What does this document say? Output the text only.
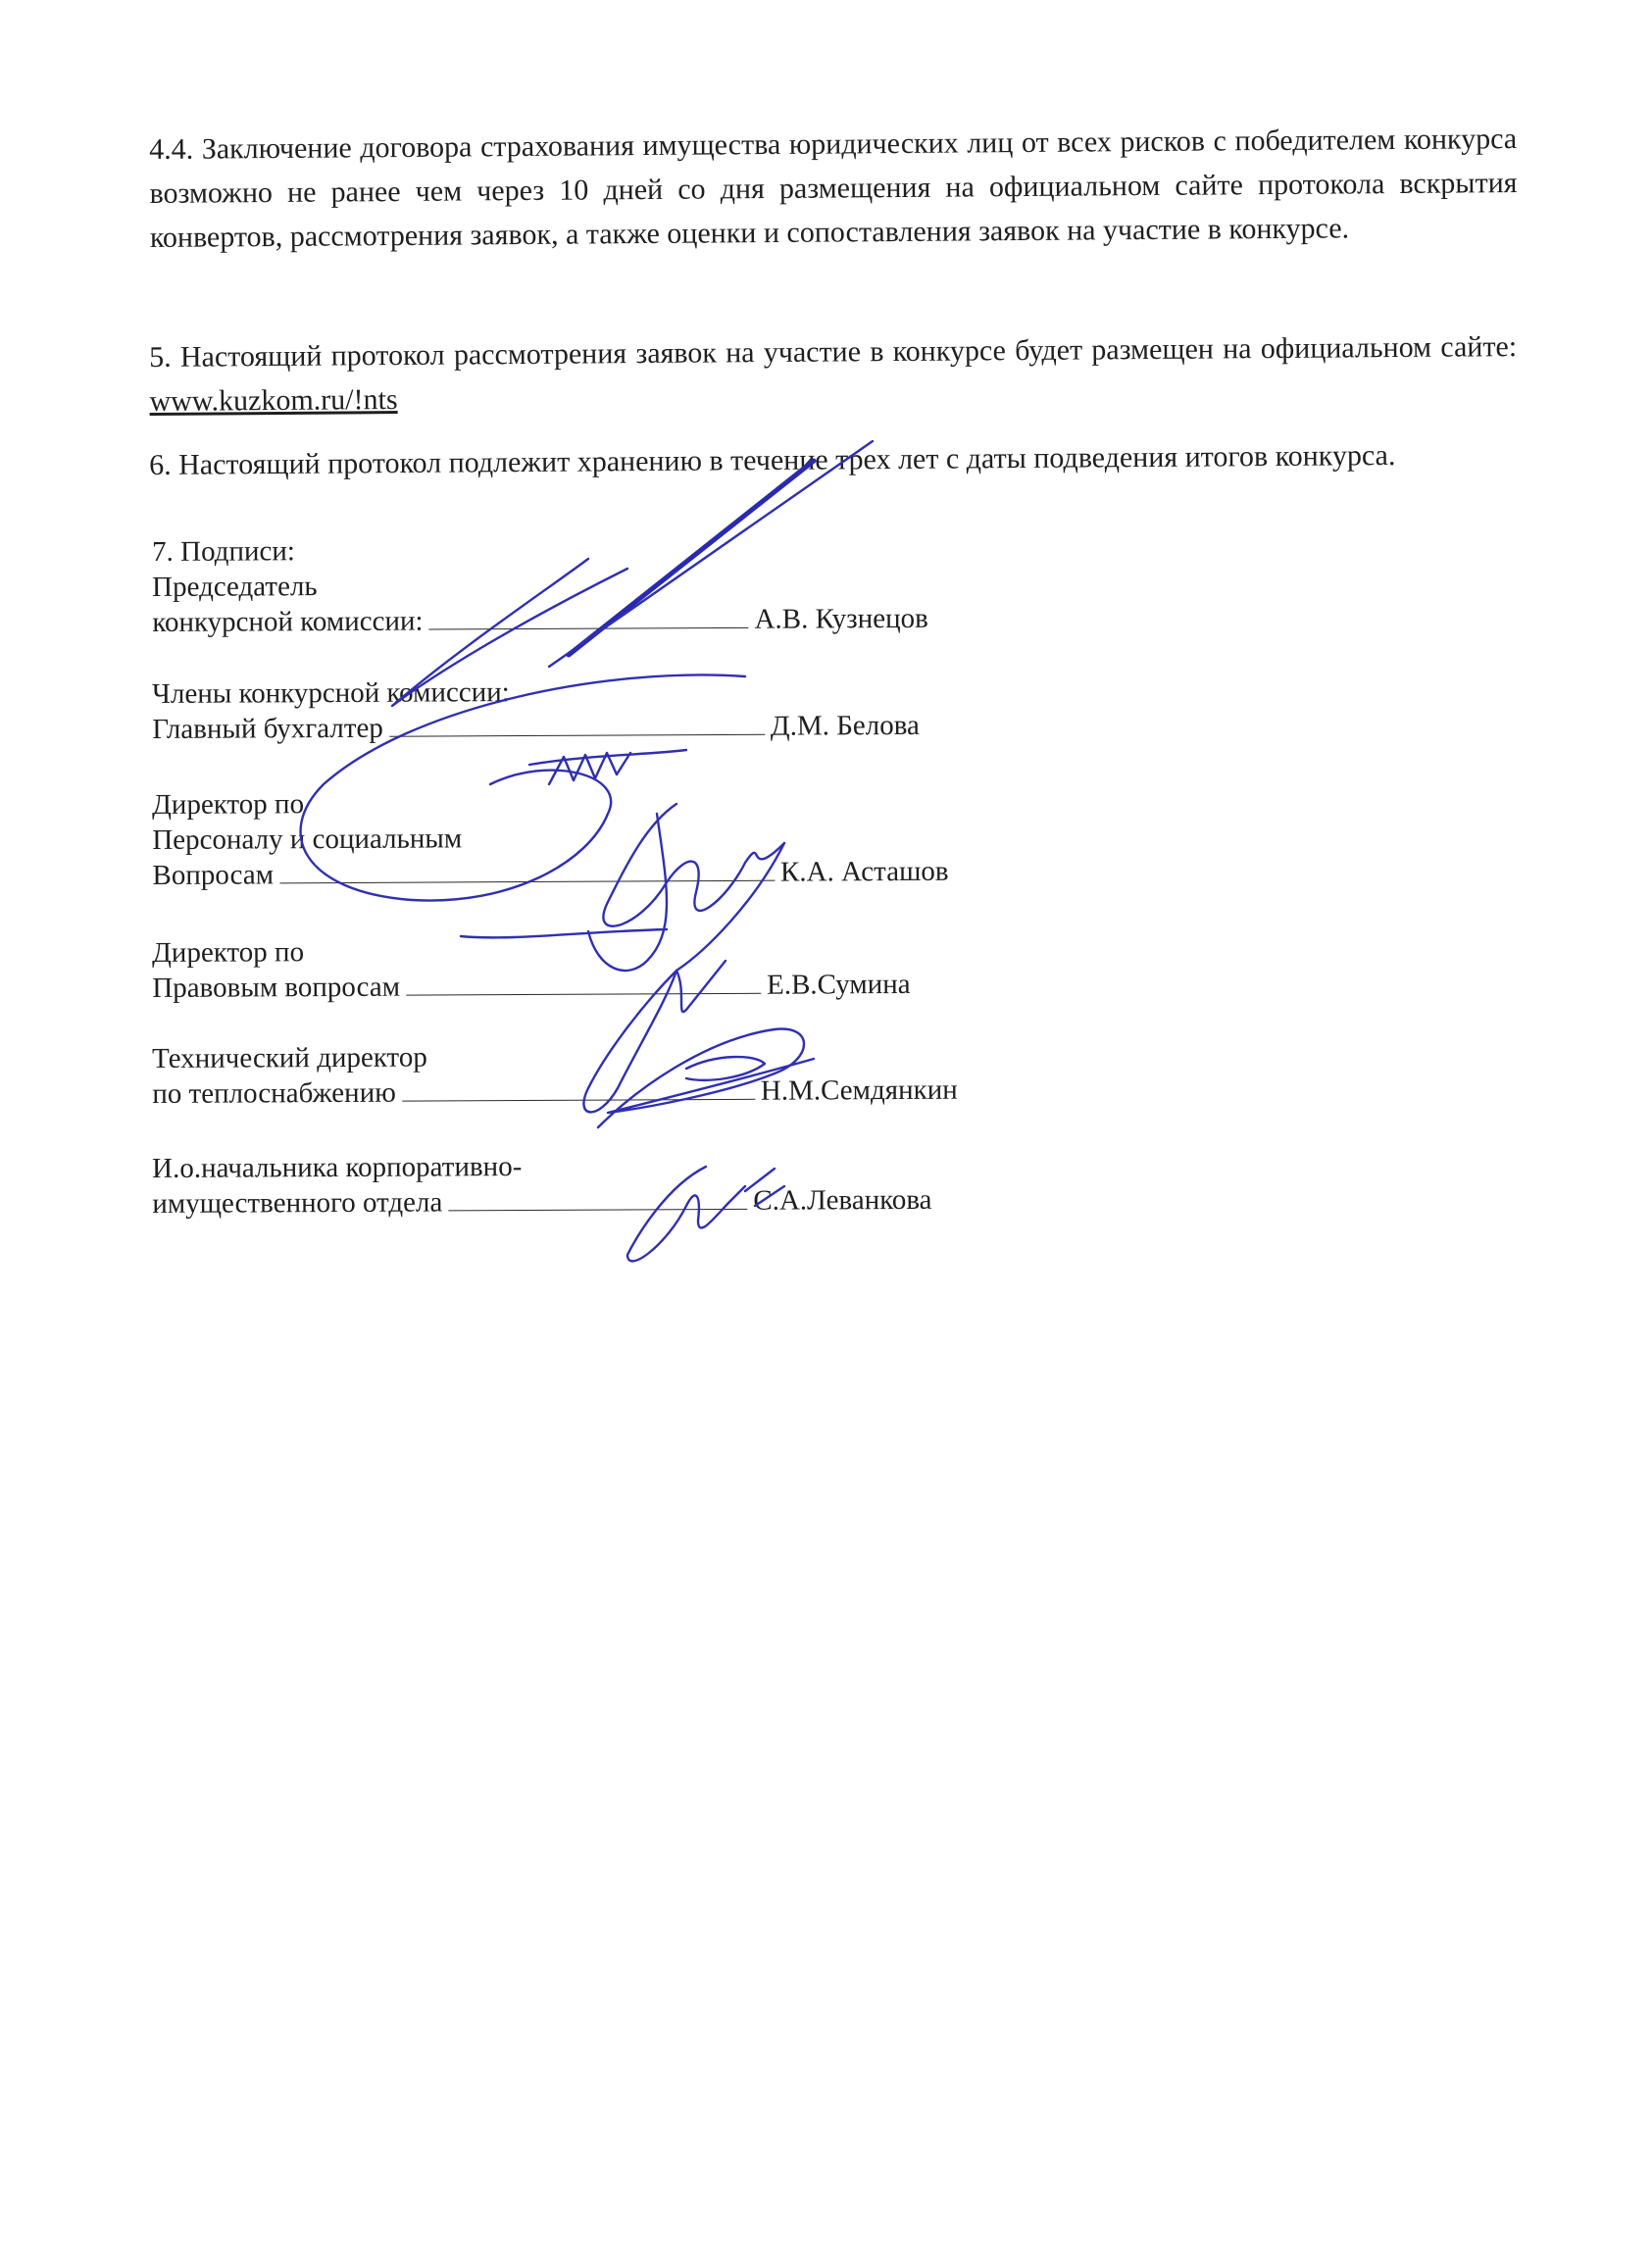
4.4. Заключение договора страхования имущества юридических лиц от всех рисков с победителем конкурса возможно не ранее чем через 10 дней со дня размещения на официальном сайте протокола вскрытия конвертов, рассмотрения заявок, а также оценки и сопоставления заявок на участие в конкурсе.

5. Настоящий протокол рассмотрения заявок на участие в конкурсе будет размещен на официальном сайте: www.kuzkom.ru/!nts

6. Настоящий протокол подлежит хранению в течение трех лет с даты подведения итогов конкурса.

7. Подписи:
Председатель
конкурсной комиссии:	А.В. Кузнецов
Члены конкурсной комиссии:
Главный бухгалтер	Д.М. Белова
Директор по
Персоналу и социальным
Вопросам	К.А. Асташов
Директор по
Правовым вопросам	Е.В.Сумина
Технический директор
по теплоснабжению	Н.М.Семдянкин
И.о.начальника корпоративно-
имущественного отдела	С.А.Леванкова
